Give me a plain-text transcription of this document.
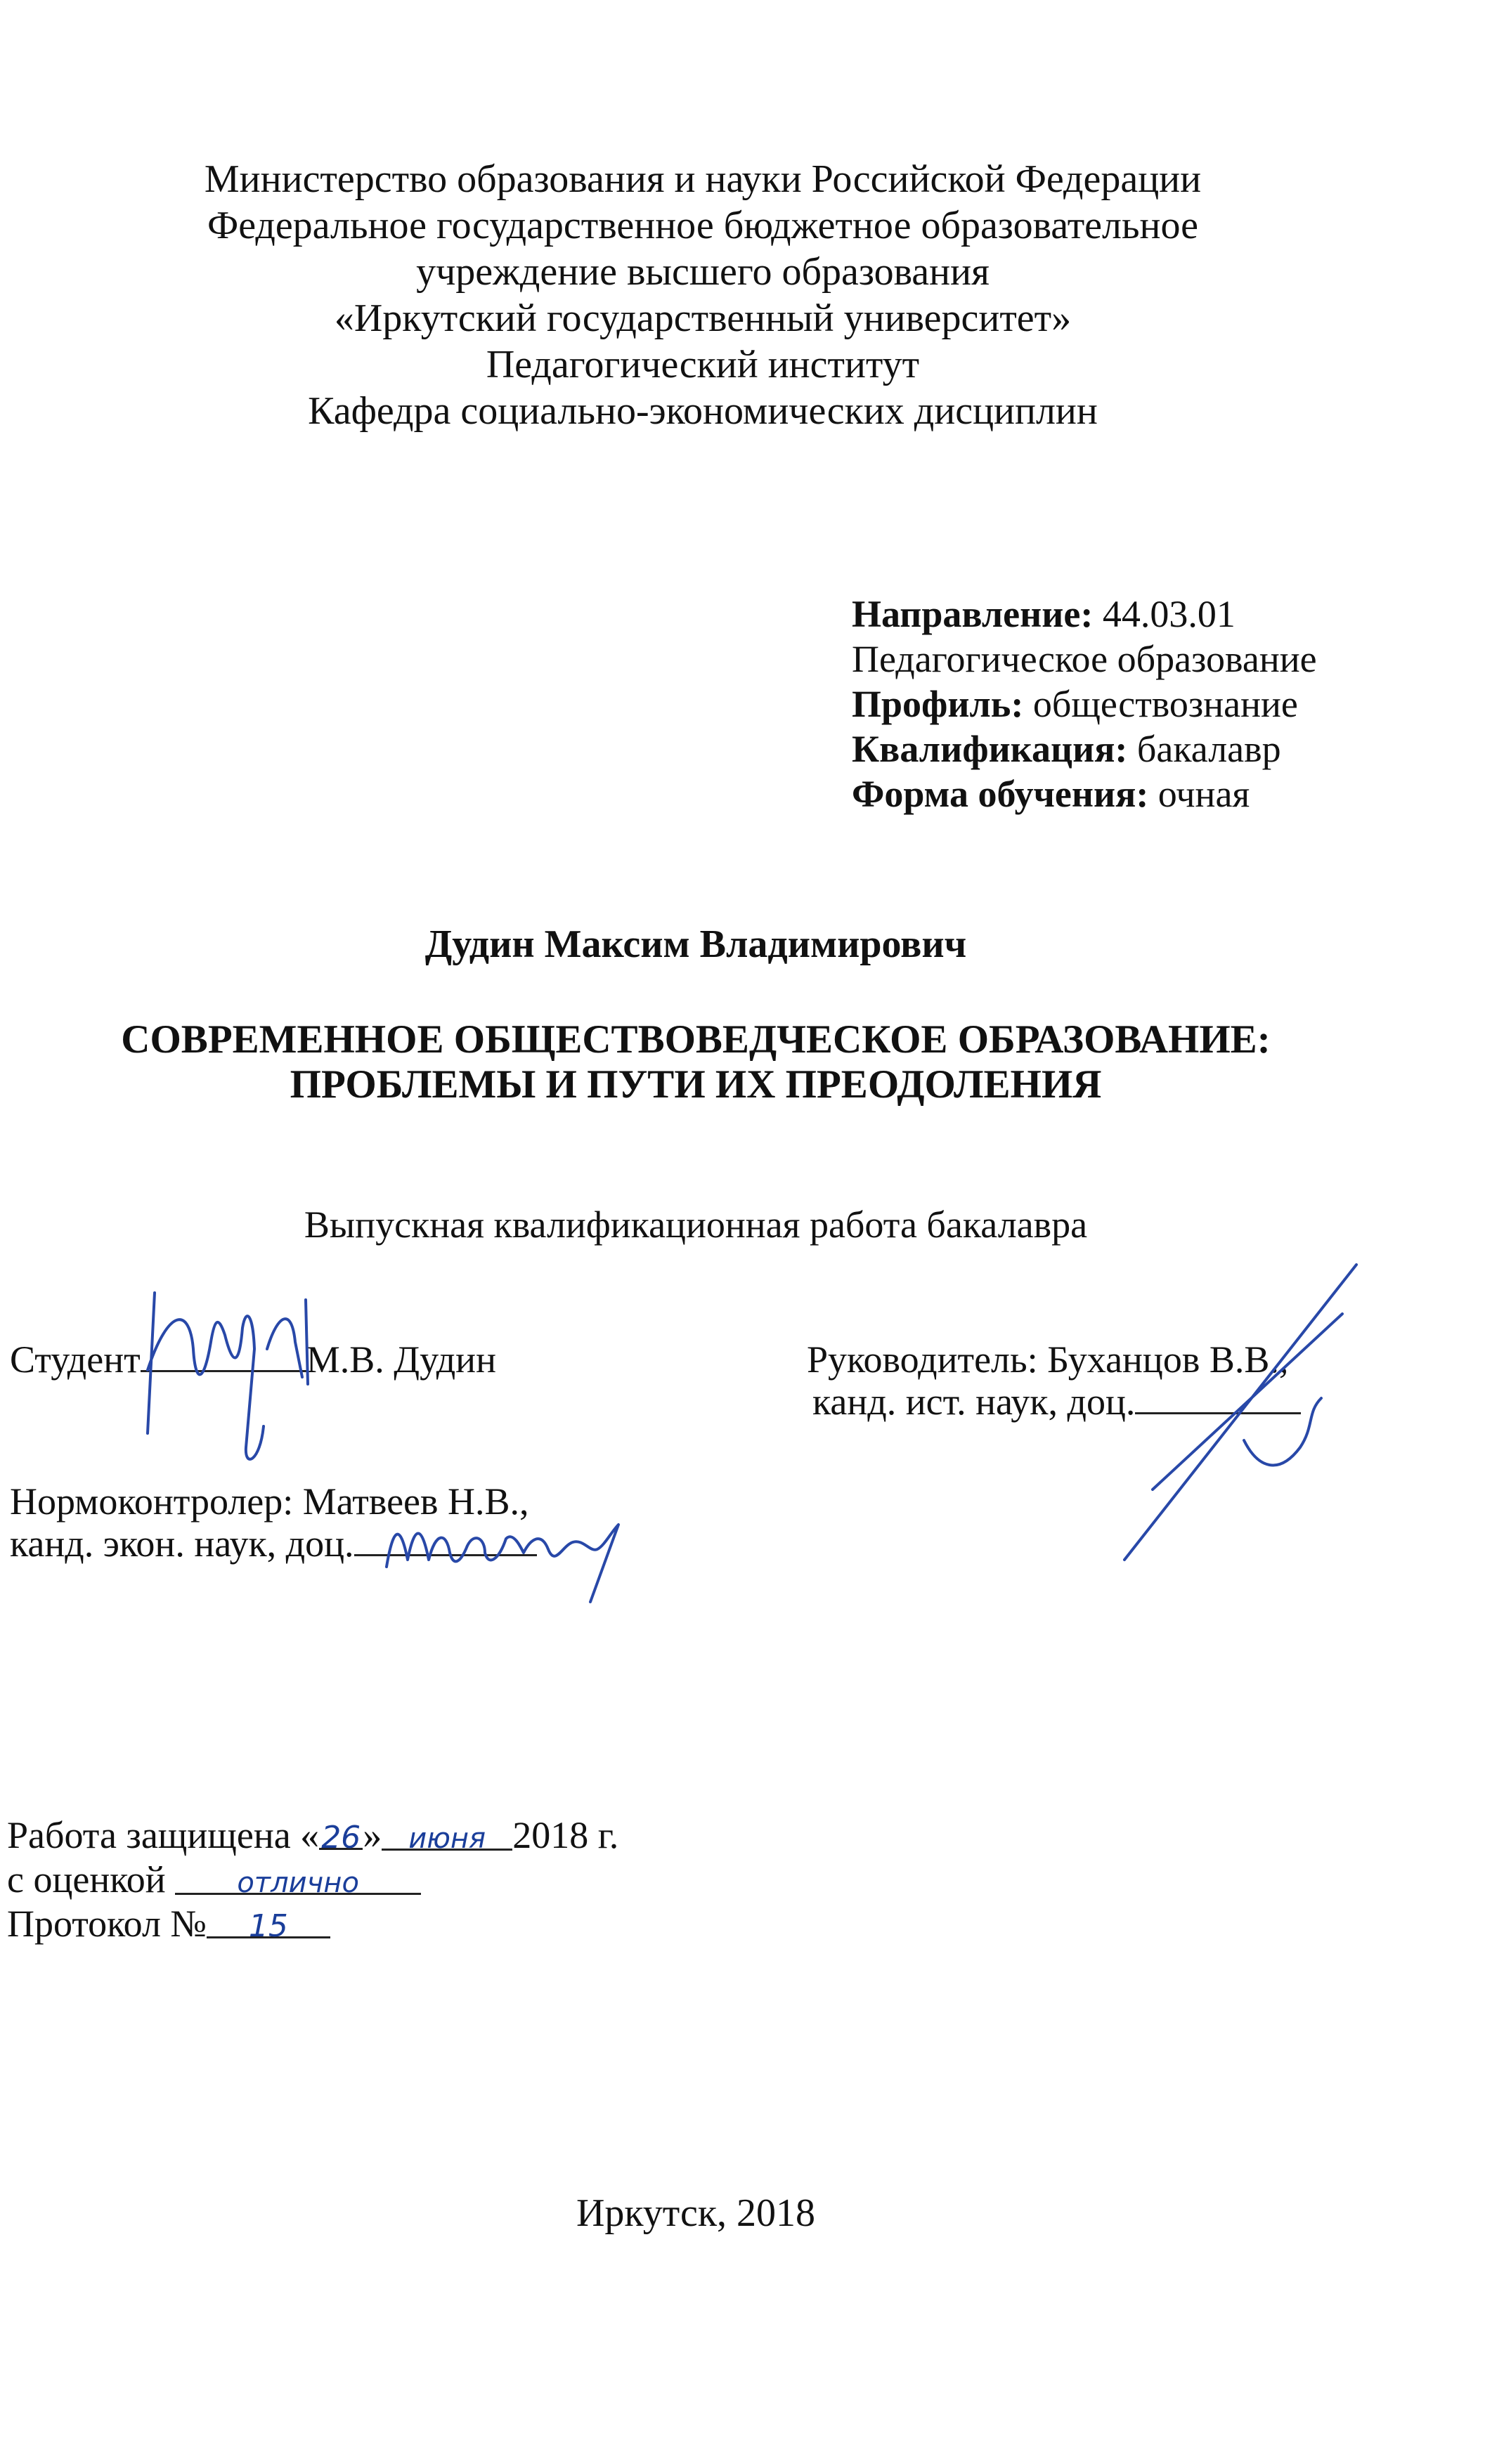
Министерство образования и науки Российской Федерации
Федеральное государственное бюджетное образовательное
учреждение высшего образования
«Иркутский государственный университет»
Педагогический институт
Кафедра социально-экономических дисциплин
Направление: 44.03.01
Педагогическое образование
Профиль: обществознание
Квалификация: бакалавр
Форма обучения: очная
Дудин Максим Владимирович
СОВРЕМЕННОЕ ОБЩЕСТВОВЕДЧЕСКОЕ ОБРАЗОВАНИЕ:
ПРОБЛЕМЫ И ПУТИ ИХ ПРЕОДОЛЕНИЯ
Выпускная квалификационная работа бакалавра
Студент	М.В. Дудин	Руководитель: Буханцов В.В.,
канд. ист. наук, доц.
Нормоконтролер: Матвеев Н.В.,
канд. экон. наук, доц.
Работа защищена «26» июня 2018 г.
с оценкой	отлично
Протокол № 15
Иркутск, 2018
